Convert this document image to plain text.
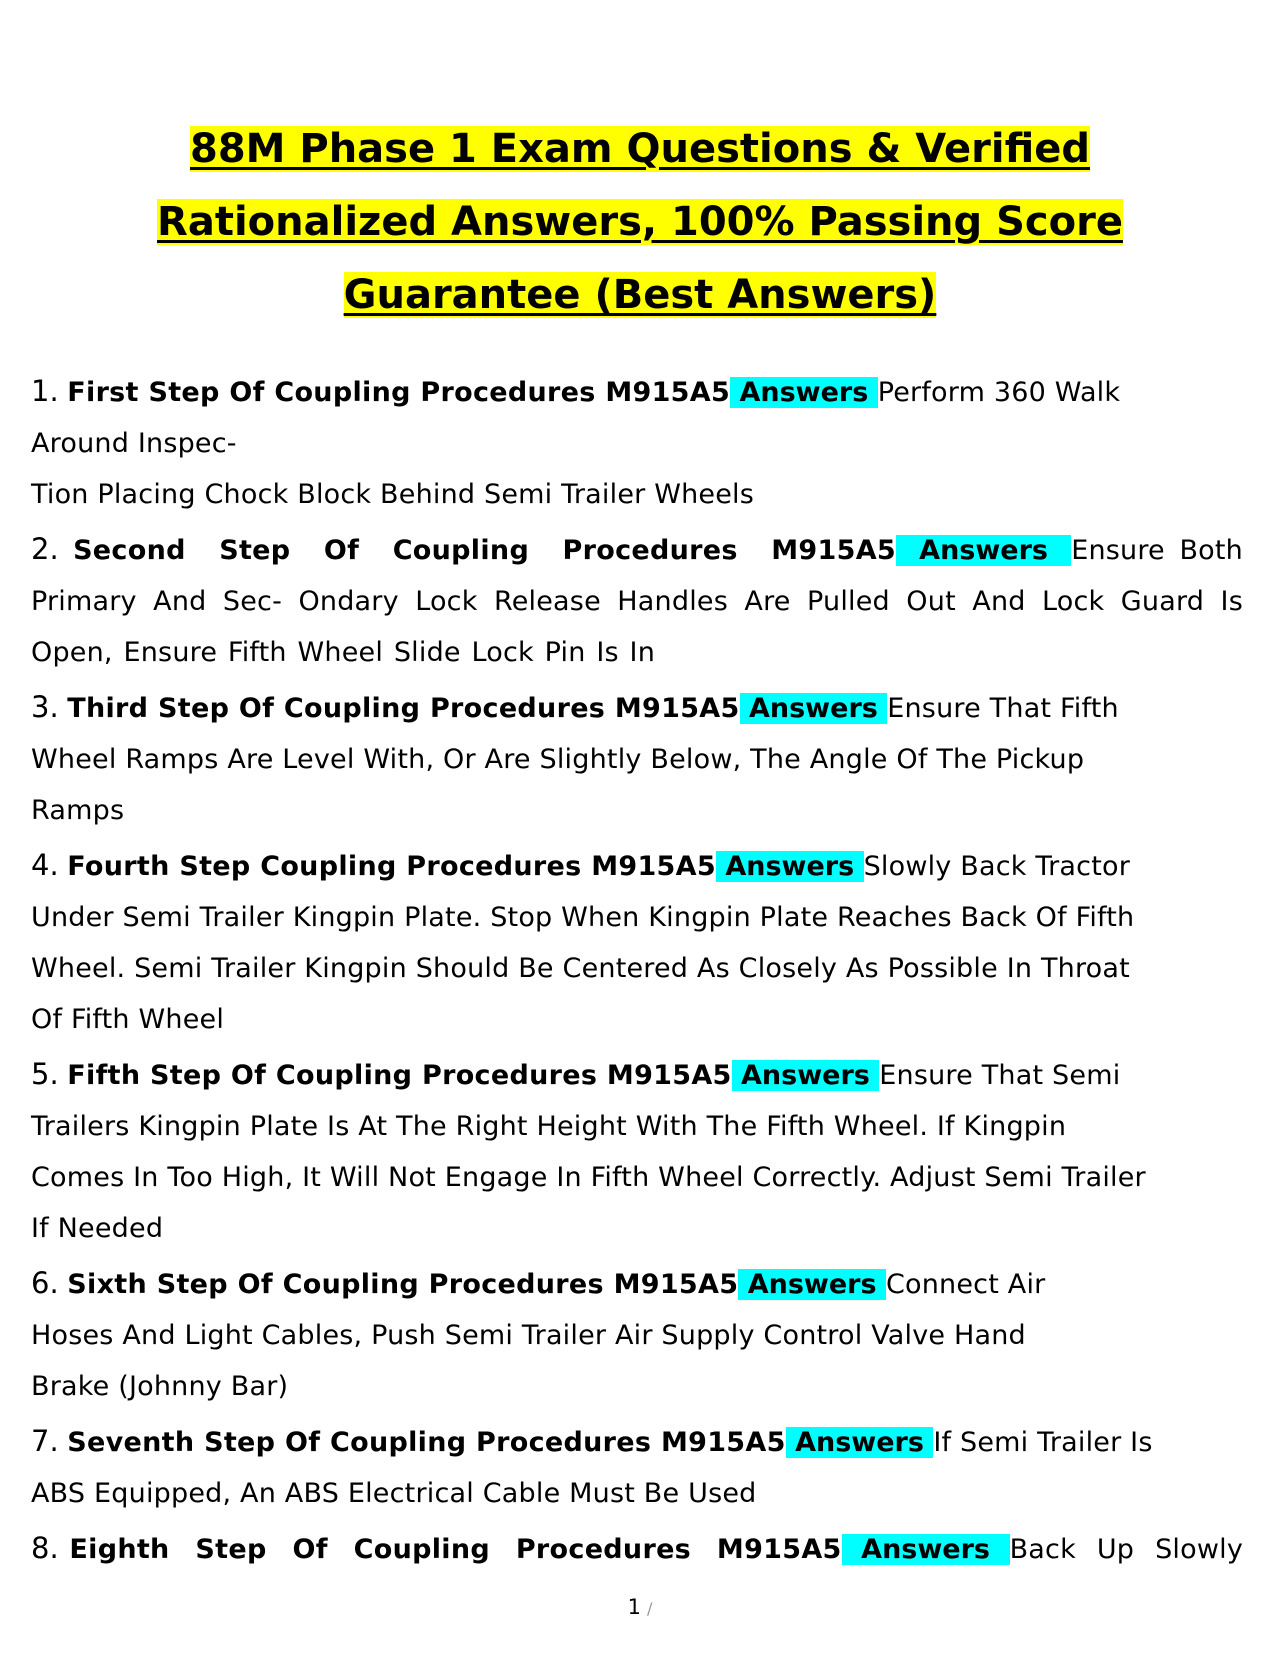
88M Phase 1 Exam Questions & Verified
Rationalized Answers, 100% Passing Score
Guarantee (Best Answers)
1. First Step Of Coupling Procedures M915A5 Answers Perform 360 Walk
Around Inspec-
Tion Placing Chock Block Behind Semi Trailer Wheels
2. Second Step Of Coupling Procedures M915A5 Answers Ensure Both Primary And Sec- Ondary Lock Release Handles Are Pulled Out And Lock Guard Is Open, Ensure Fifth Wheel Slide Lock Pin Is In
3. Third Step Of Coupling Procedures M915A5 Answers Ensure That Fifth
Wheel Ramps Are Level With, Or Are Slightly Below, The Angle Of The Pickup
Ramps
4. Fourth Step Coupling Procedures M915A5 Answers Slowly Back Tractor
Under Semi Trailer Kingpin Plate. Stop When Kingpin Plate Reaches Back Of Fifth
Wheel. Semi Trailer Kingpin Should Be Centered As Closely As Possible In Throat
Of Fifth Wheel
5. Fifth Step Of Coupling Procedures M915A5 Answers Ensure That Semi
Trailers Kingpin Plate Is At The Right Height With The Fifth Wheel. If Kingpin
Comes In Too High, It Will Not Engage In Fifth Wheel Correctly. Adjust Semi Trailer
If Needed
6. Sixth Step Of Coupling Procedures M915A5 Answers Connect Air
Hoses And Light Cables, Push Semi Trailer Air Supply Control Valve Hand
Brake (Johnny Bar)
7. Seventh Step Of Coupling Procedures M915A5 Answers If Semi Trailer Is
ABS Equipped, An ABS Electrical Cable Must Be Used
8. Eighth Step Of Coupling Procedures M915A5 Answers Back Up Slowly
1 /
